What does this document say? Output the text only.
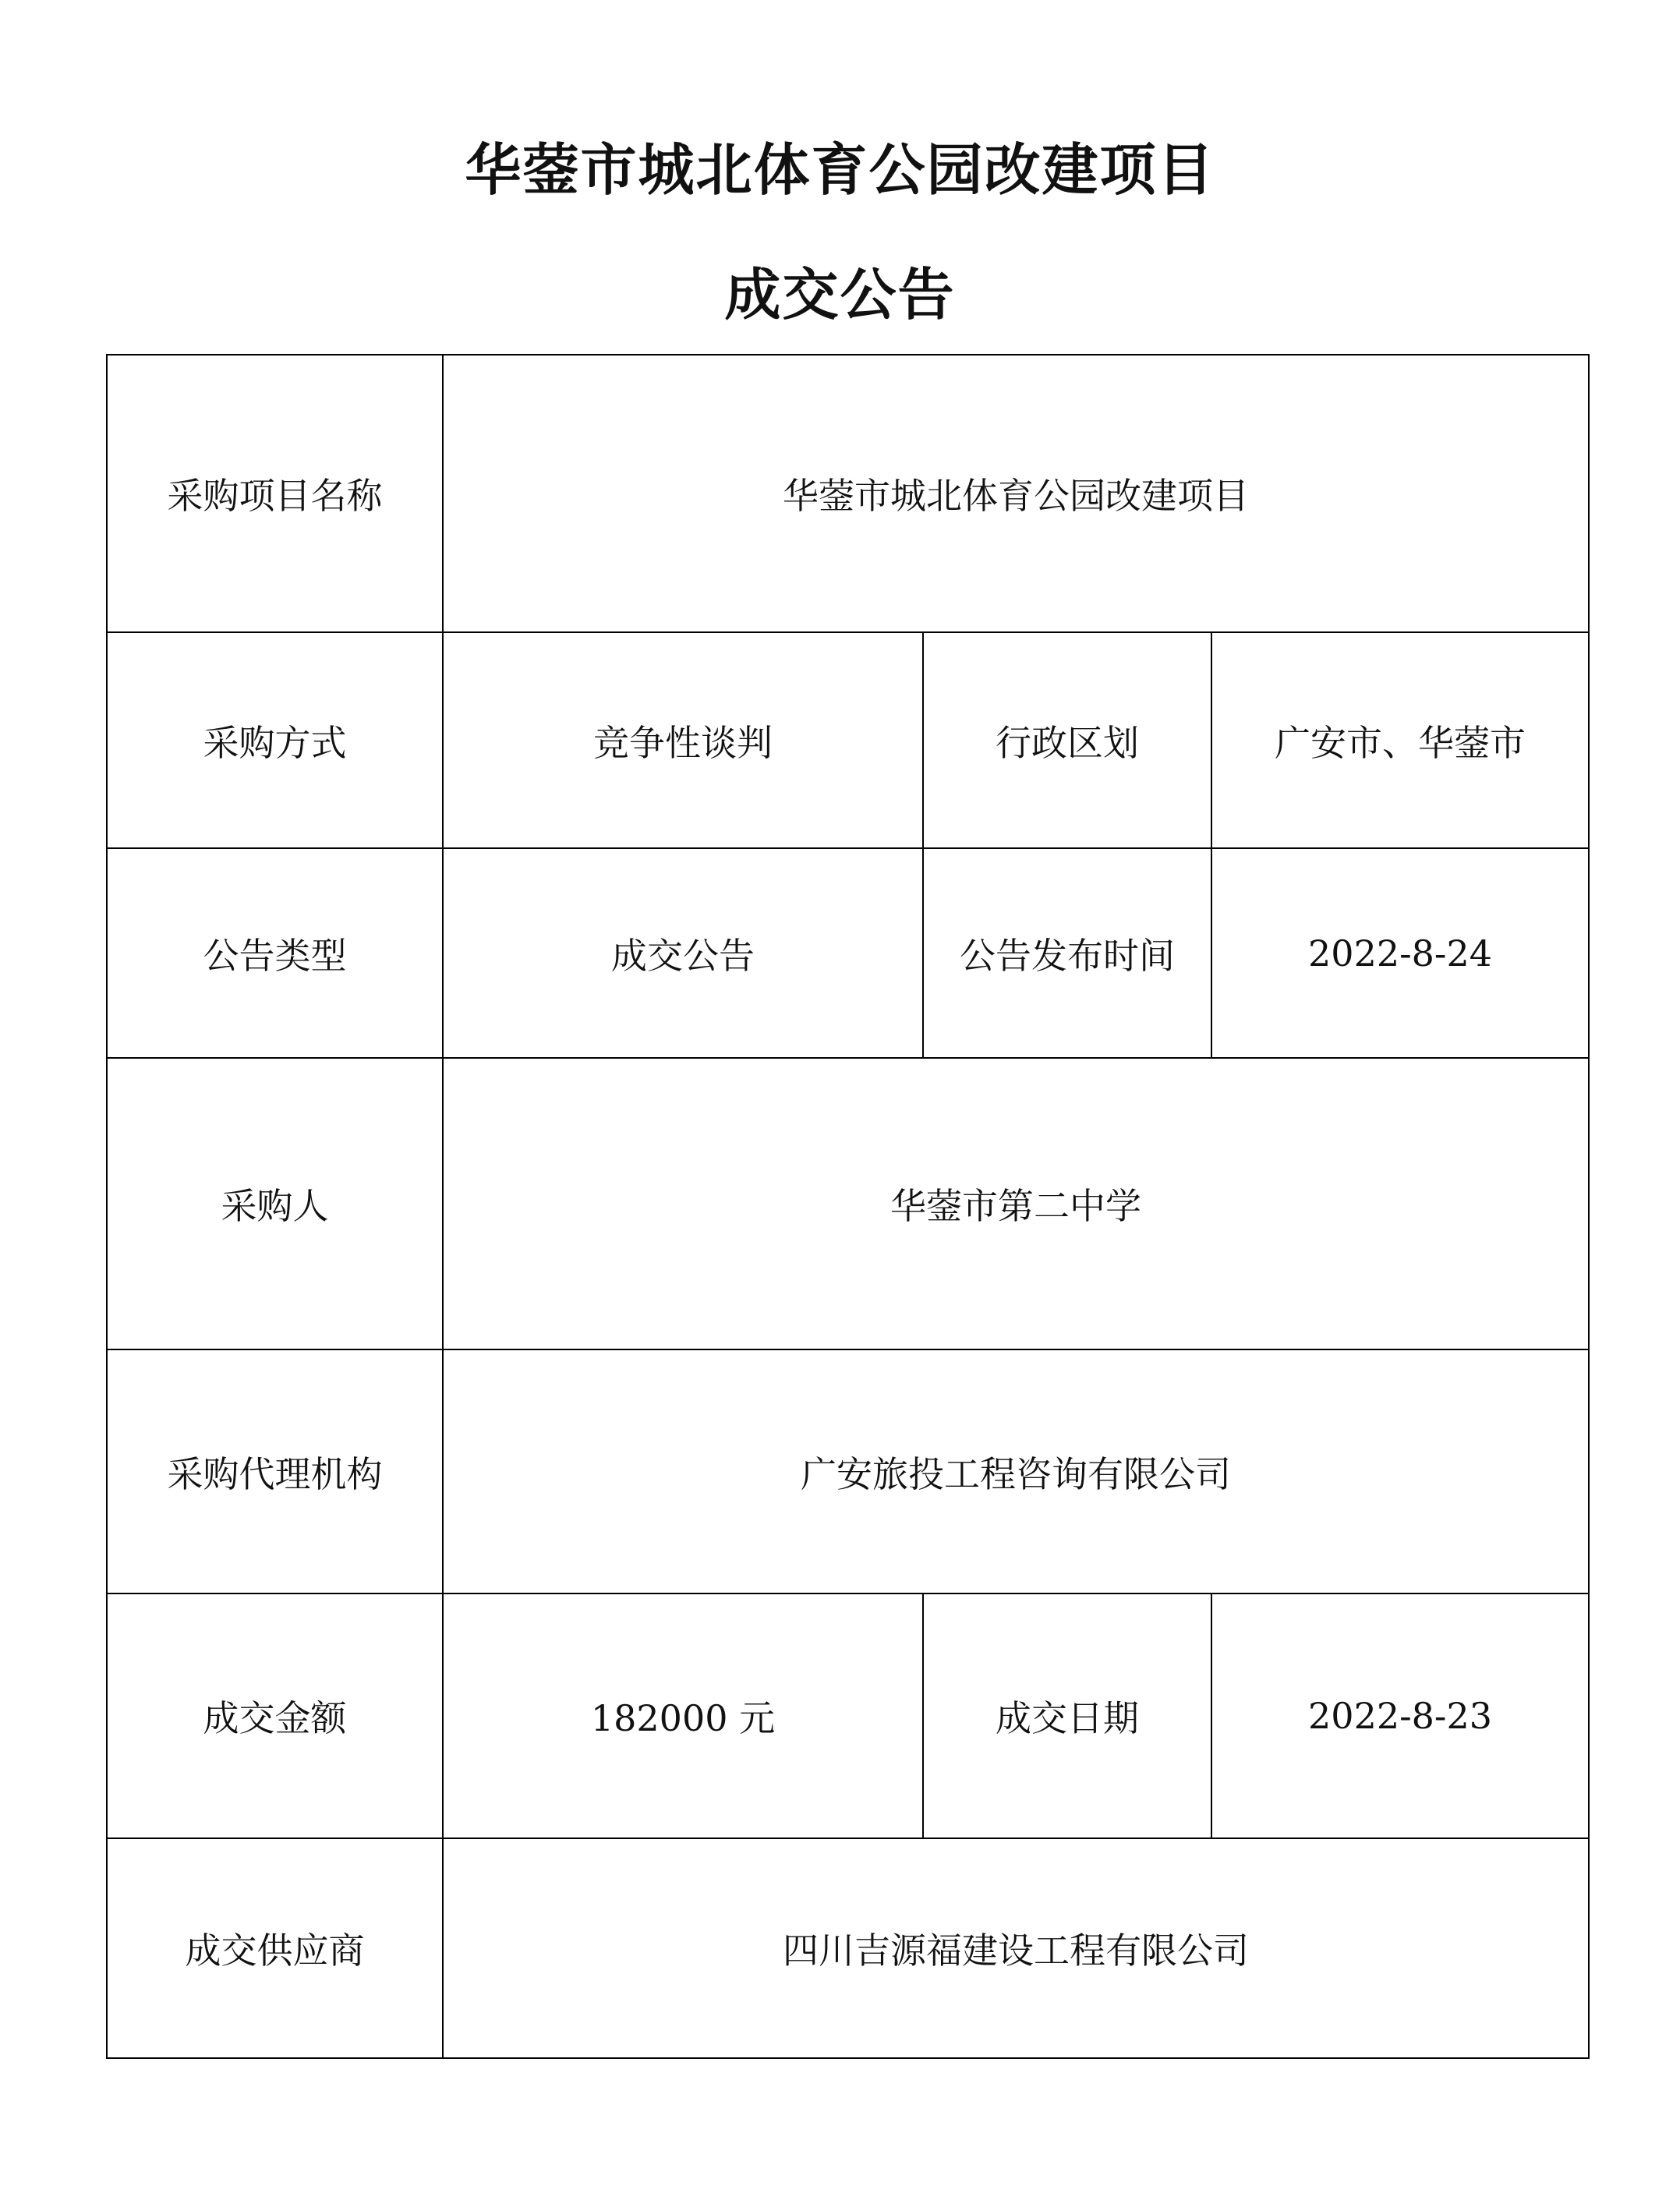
华蓥市城北体育公园改建项目
成交公告
采购项目名称	华蓥市城北体育公园改建项目		
采购方式	竞争性谈判	行政区划	广安市、华蓥市
公告类型	成交公告	公告发布时间	2022-8-24
采购人	华蓥市第二中学		
采购代理机构	广安旅投工程咨询有限公司		
成交金额	182000 元	成交日期	2022-8-23
成交供应商	四川吉源福建设工程有限公司		
